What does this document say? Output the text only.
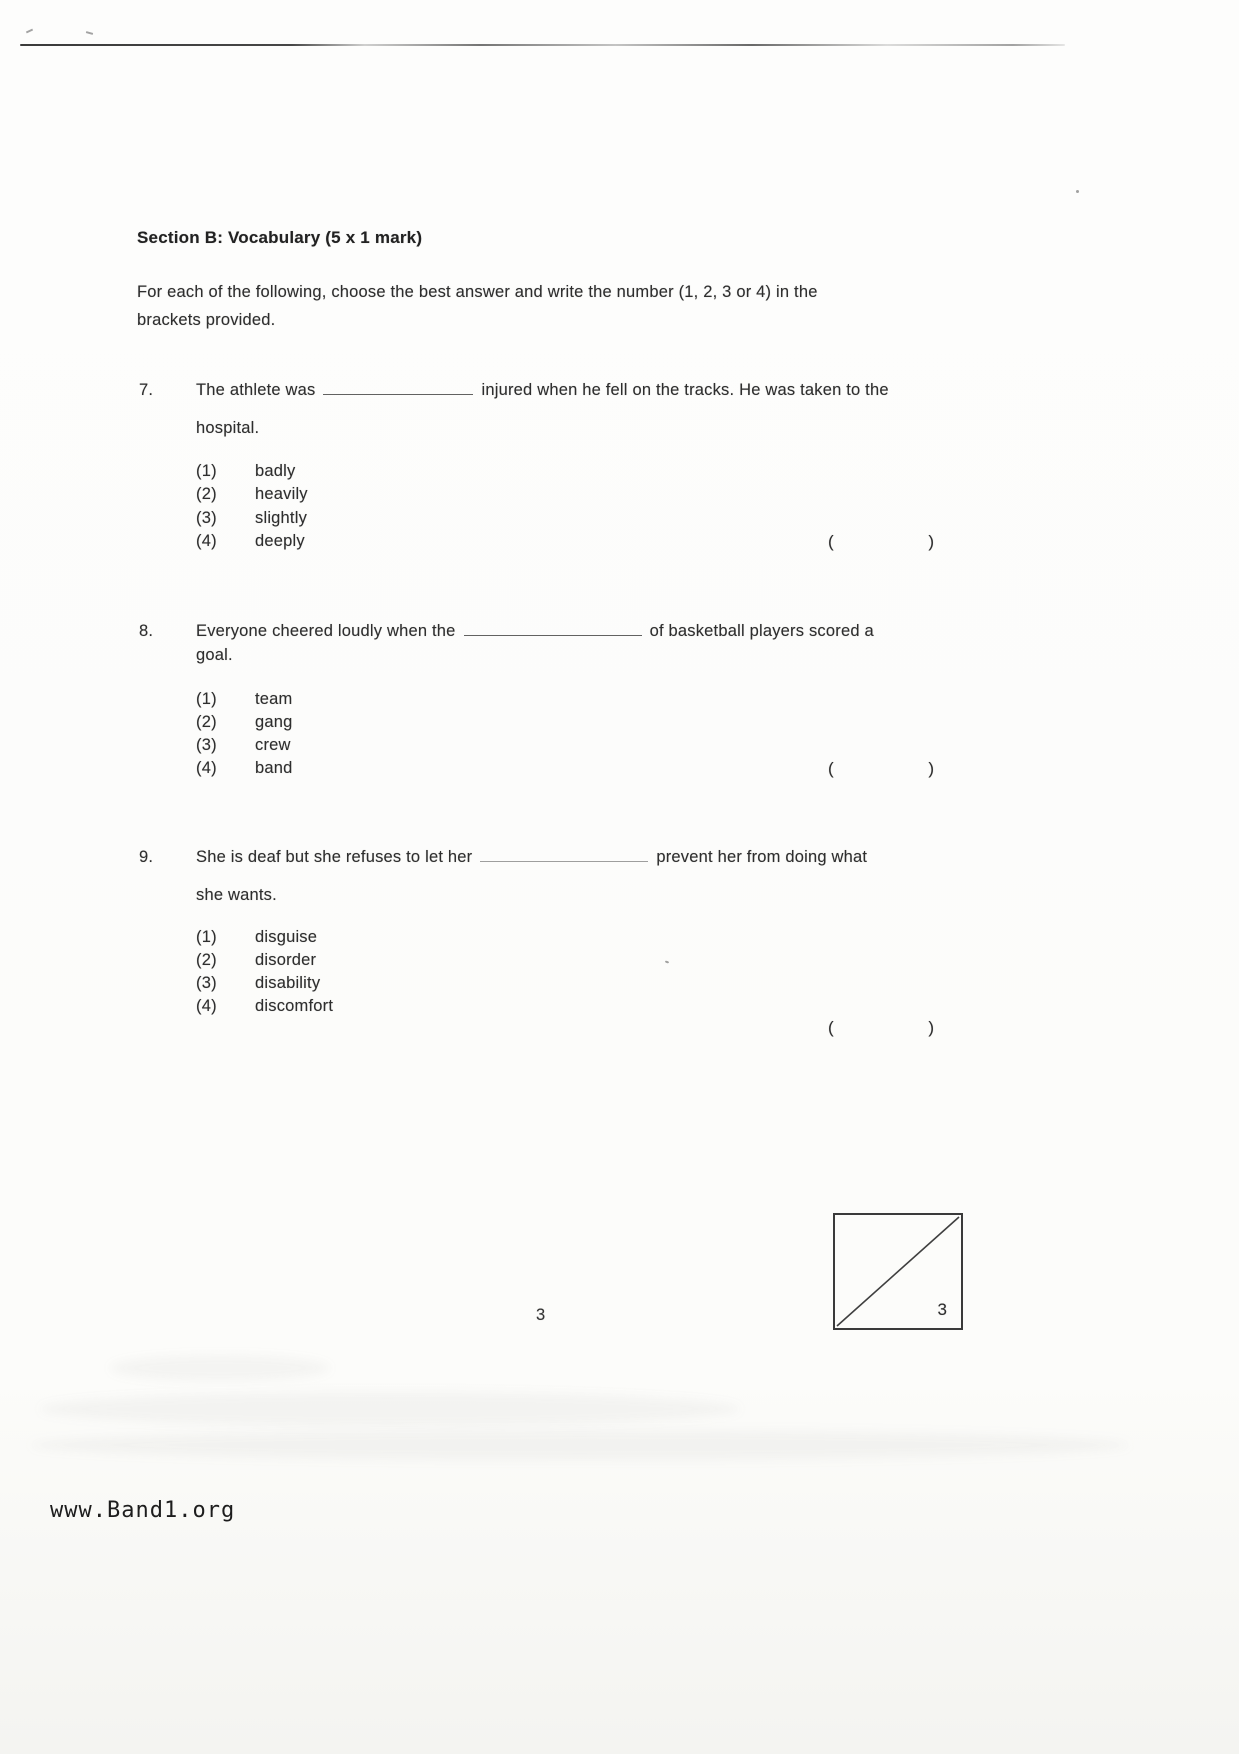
Section B: Vocabulary (5 x 1 mark)
For each of the following, choose the best answer and write the number (1, 2, 3 or 4) in the
brackets provided.
7.	The athlete was	injured when he fell on the tracks. He was taken to the
hospital.
(1) badly
(2) heavily
(3) slightly
(4) deeply	(	)
8.	Everyone cheered loudly when the	of basketball players scored a
goal.
(1) team
(2) gang
(3) crew
(4) band	(	)
9.	She is deaf but she refuses to let her	prevent her from doing what
she wants.
(1) disguise
(2) disorder
(3) disability
(4) discomfort
(	)
3
3
www.Band1.org
